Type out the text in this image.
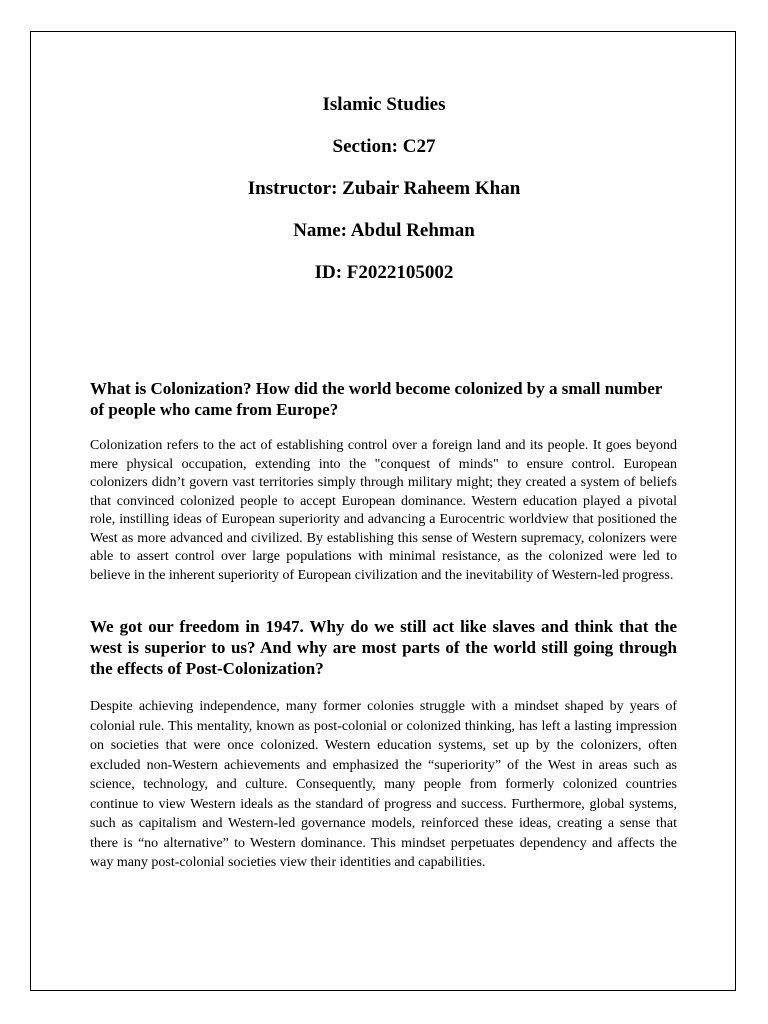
Islamic Studies
Section: C27
Instructor: Zubair Raheem Khan
Name: Abdul Rehman
ID: F2022105002

What is Colonization? How did the world become colonized by a small number of people who came from Europe?

Colonization refers to the act of establishing control over a foreign land and its people. It goes beyond mere physical occupation, extending into the "conquest of minds" to ensure control. European colonizers didn’t govern vast territories simply through military might; they created a system of beliefs that convinced colonized people to accept European dominance. Western education played a pivotal role, instilling ideas of European superiority and advancing a Eurocentric worldview that positioned the West as more advanced and civilized. By establishing this sense of Western supremacy, colonizers were able to assert control over large populations with minimal resistance, as the colonized were led to believe in the inherent superiority of European civilization and the inevitability of Western-led progress.

We got our freedom in 1947. Why do we still act like slaves and think that the west is superior to us? And why are most parts of the world still going through the effects of Post-Colonization?

Despite achieving independence, many former colonies struggle with a mindset shaped by years of colonial rule. This mentality, known as post-colonial or colonized thinking, has left a lasting impression on societies that were once colonized. Western education systems, set up by the colonizers, often excluded non-Western achievements and emphasized the “superiority” of the West in areas such as science, technology, and culture. Consequently, many people from formerly colonized countries continue to view Western ideals as the standard of progress and success. Furthermore, global systems, such as capitalism and Western-led governance models, reinforced these ideas, creating a sense that there is “no alternative” to Western dominance. This mindset perpetuates dependency and affects the way many post-colonial societies view their identities and capabilities.
